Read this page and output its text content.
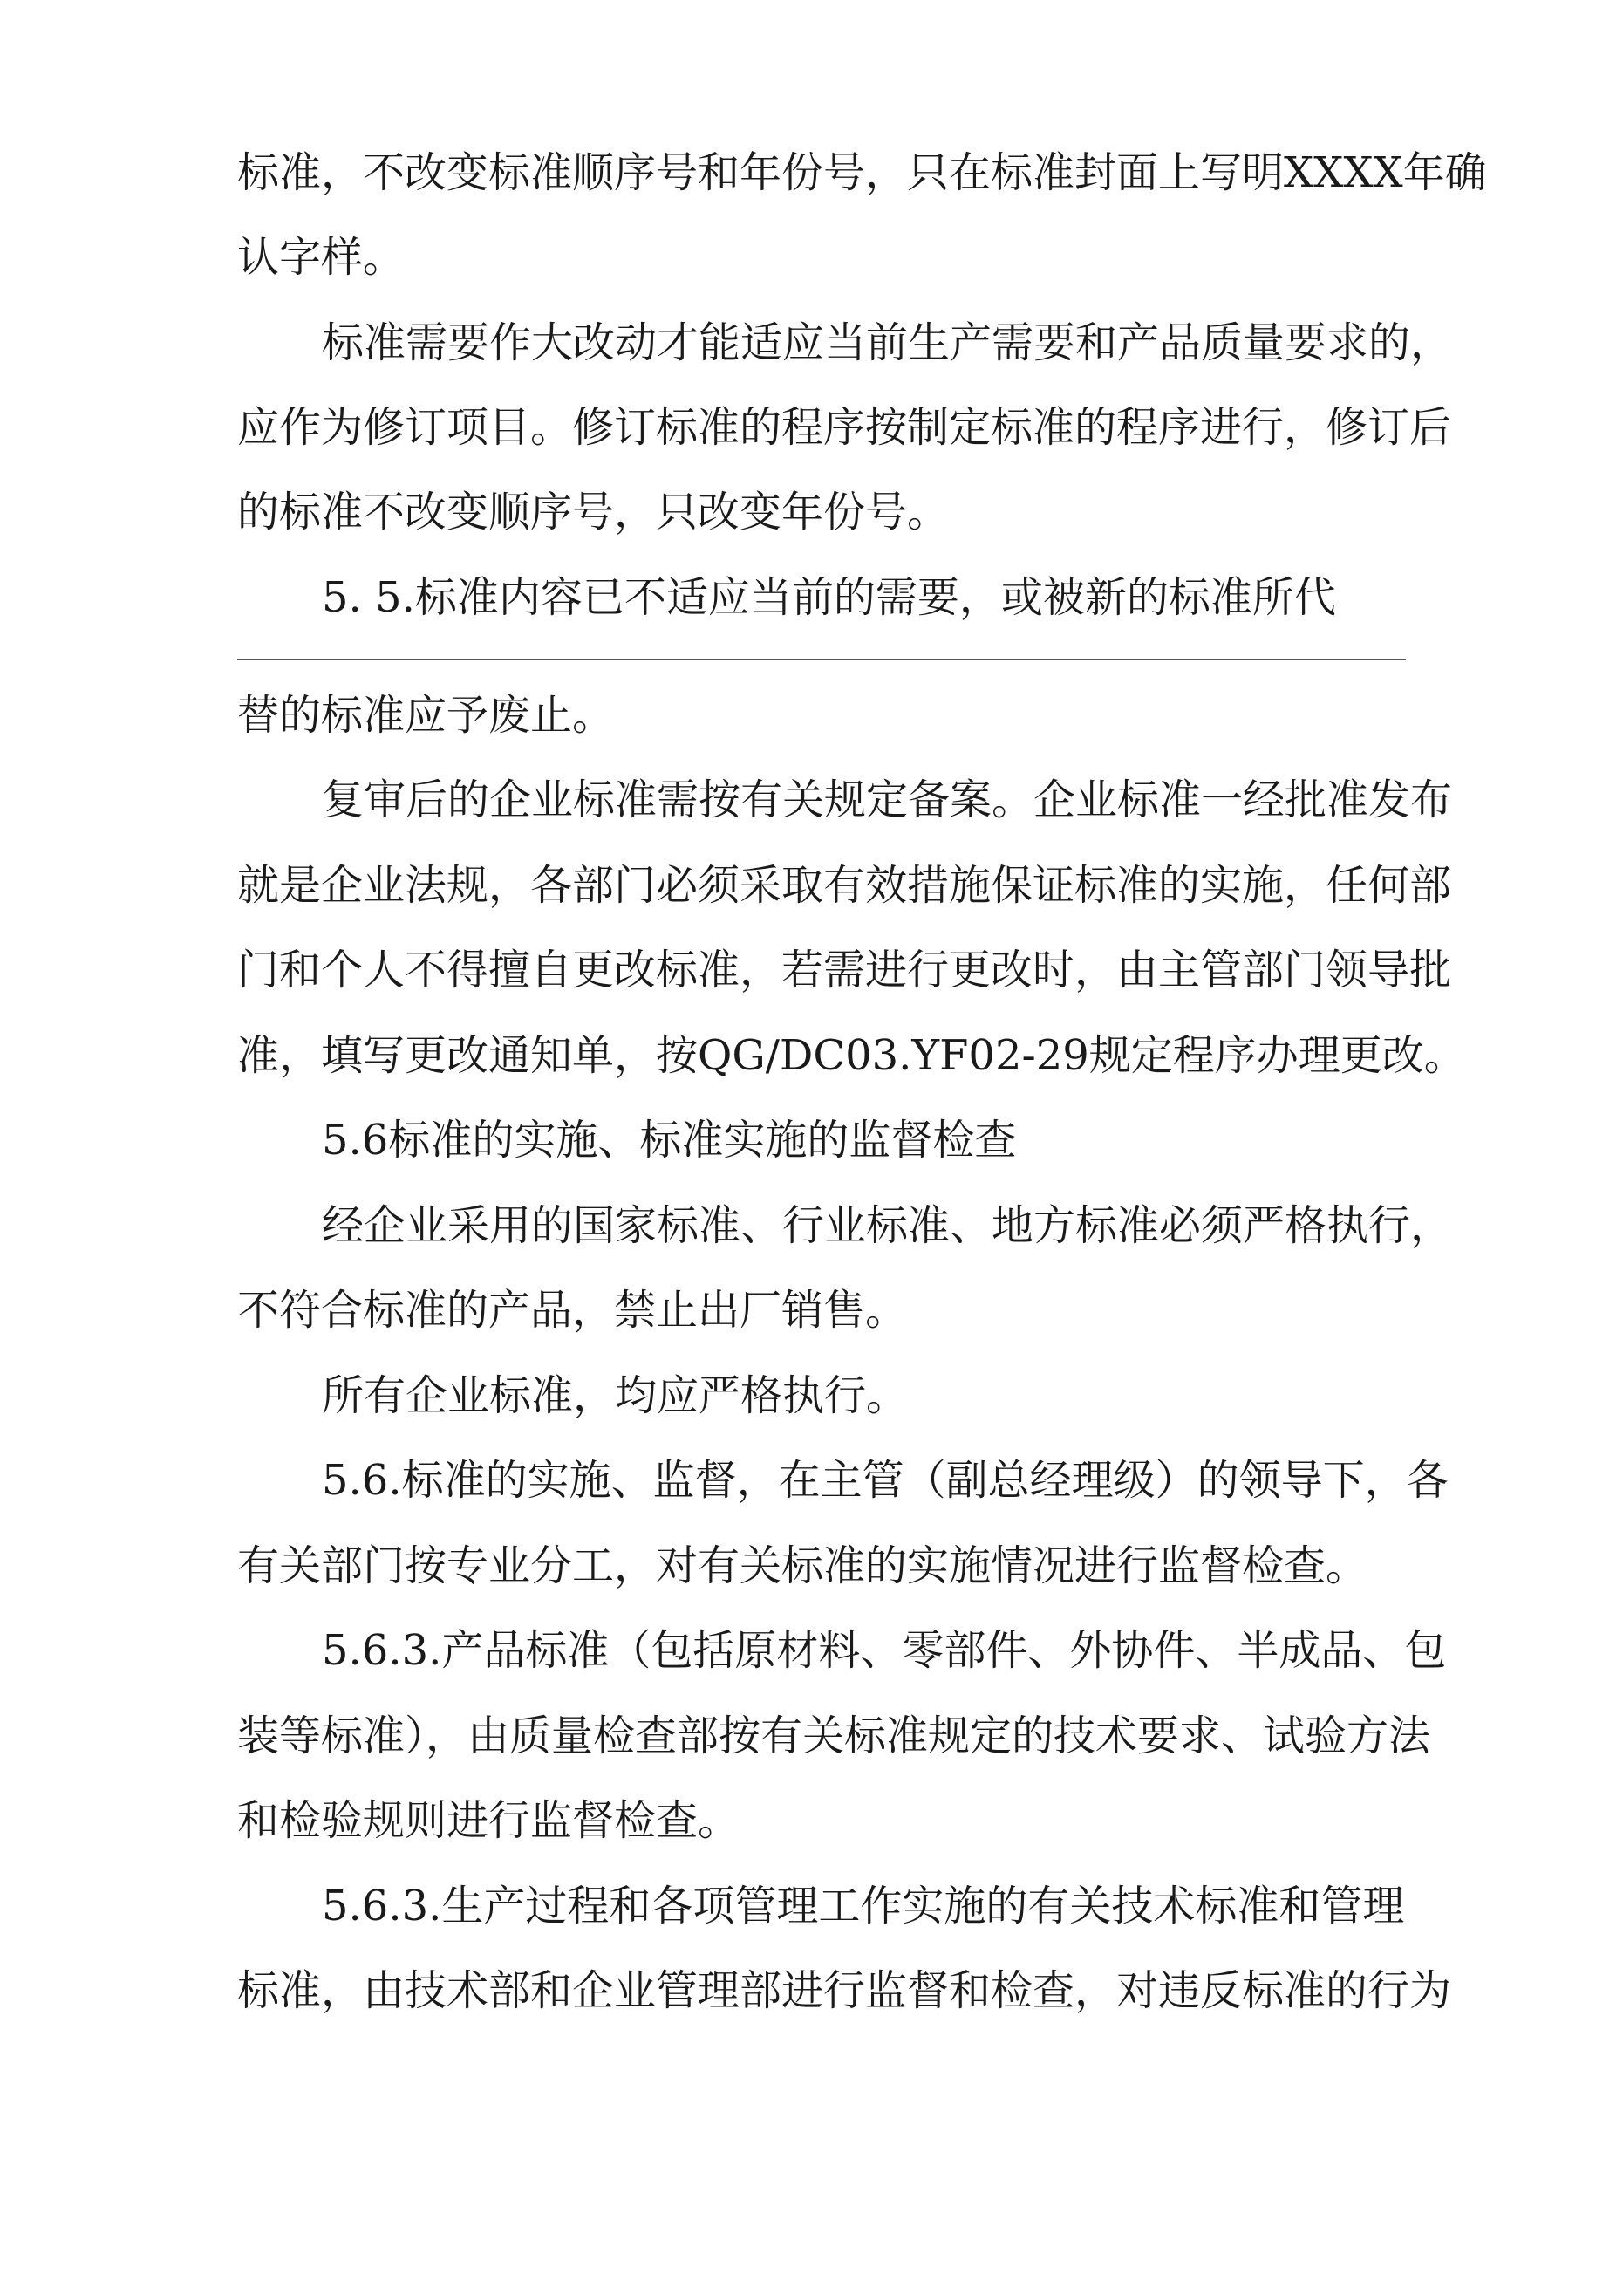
标准，不改变标准顺序号和年份号，只在标准封面上写明XXXX年确
认字样。
标准需要作大改动才能适应当前生产需要和产品质量要求的，
应作为修订项目。修订标准的程序按制定标准的程序进行，修订后
的标准不改变顺序号，只改变年份号。
5. 5.标准内容已不适应当前的需要，或被新的标准所代
替的标准应予废止。
复审后的企业标准需按有关规定备案。企业标准一经批准发布
就是企业法规，各部门必须采取有效措施保证标准的实施，任何部
门和个人不得擅自更改标准，若需进行更改时，由主管部门领导批
准，填写更改通知单，按QG/DC03.YF02-29规定程序办理更改。
5.6标准的实施、标准实施的监督检查
经企业采用的国家标准、行业标准、地方标准必须严格执行，
不符合标准的产品，禁止出厂销售。
所有企业标准，均应严格执行。
5.6.标准的实施、监督，在主管（副总经理级）的领导下，各
有关部门按专业分工，对有关标准的实施情况进行监督检查。
5.6.3.产品标准（包括原材料、零部件、外协件、半成品、包
装等标准），由质量检查部按有关标准规定的技术要求、试验方法
和检验规则进行监督检查。
5.6.3.生产过程和各项管理工作实施的有关技术标准和管理
标准，由技术部和企业管理部进行监督和检查，对违反标准的行为
